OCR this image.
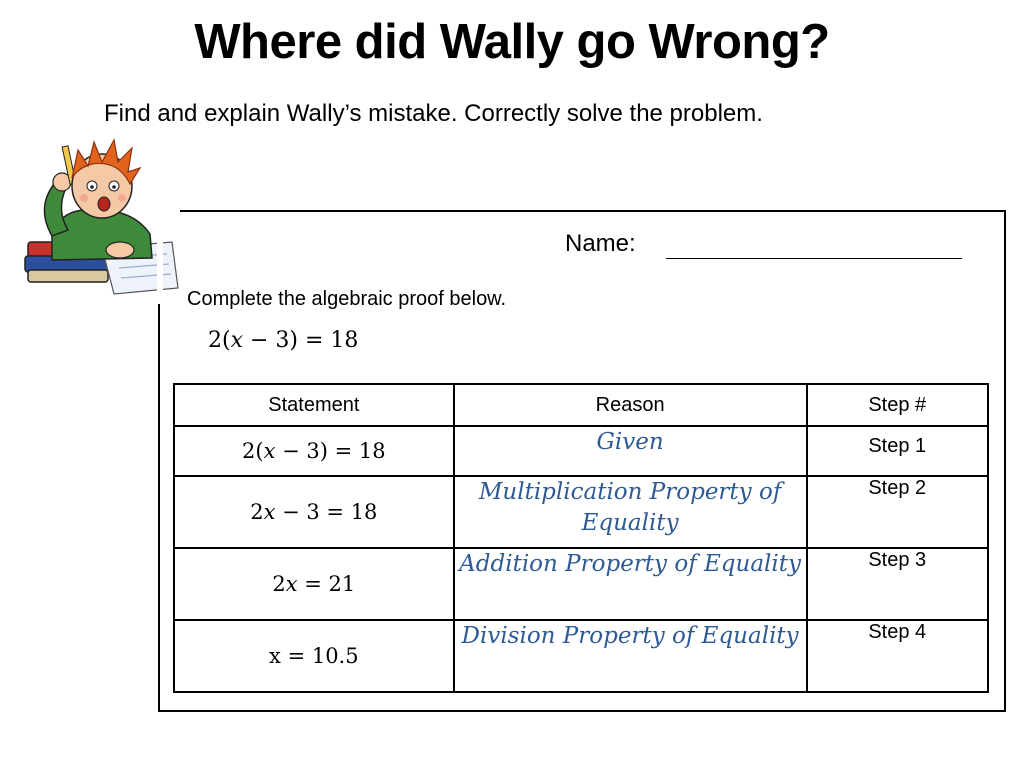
Where did Wally go Wrong?
Find and explain Wally’s mistake. Correctly solve the problem.
Name:
Complete the algebraic proof below.
2(𝑥 − 3) = 18
Statement	Reason	Step #
2(𝑥 − 3) = 18	Given	Step 1
2𝑥 − 3 = 18	Multiplication Property of Equality	Step 2
2𝑥 = 21	Addition Property of Equality	Step 3
x = 10.5	Division Property of Equality	Step 4
